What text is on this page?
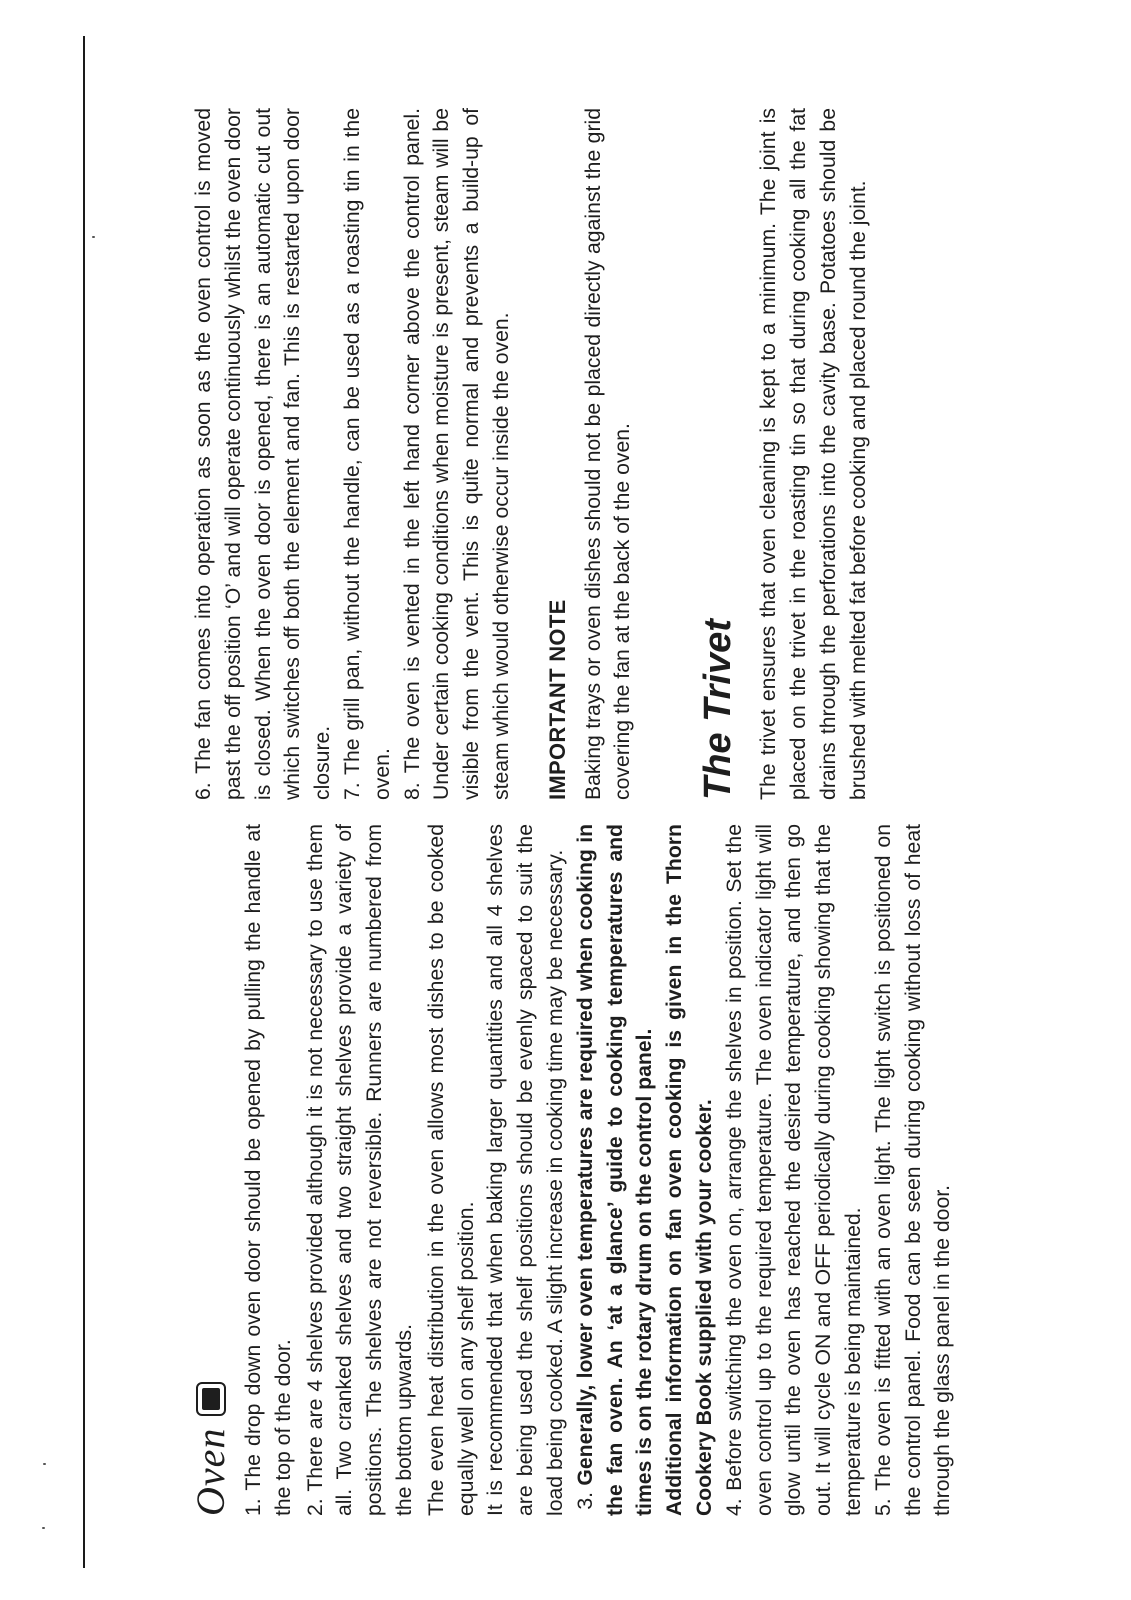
Oven 1. The drop down oven door should be opened by pulling the handle at the top of the door. 2. There are 4 shelves provided although it is not necessary to use them all. Two cranked shelves and two straight shelves provide a variety of positions. The shelves are not reversible. Runners are numbered from the bottom upwards. The even heat distribution in the oven allows most dishes to be cooked equally well on any shelf position. It is recommended that when baking larger quantities and all 4 shelves are being used the shelf positions should be evenly spaced to suit the load being cooked. A slight increase in cooking time may be necessary. 3. Generally, lower oven temperatures are required when cooking in the fan oven. An ‘at a glance’ guide to cooking temperatures and times is on the rotary drum on the control panel. Additional information on fan oven cooking is given in the Thorn Cookery Book supplied with your cooker. 4. Before switching the oven on, arrange the shelves in position. Set the oven control up to the required temperature. The oven indicator light will glow until the oven has reached the desired temperature, and then go out. It will cycle ON and OFF periodically during cooking showing that the temperature is being maintained. 5. The oven is fitted with an oven light. The light switch is positioned on the control panel. Food can be seen during cooking without loss of heat through the glass panel in the door.

6. The fan comes into operation as soon as the oven control is moved past the off position ‘O’ and will operate continuously whilst the oven door is closed. When the oven door is opened, there is an automatic cut out which switches off both the element and fan. This is restarted upon door closure. 7. The grill pan, without the handle, can be used as a roasting tin in the oven. 8. The oven is vented in the left hand corner above the control panel. Under certain cooking conditions when moisture is present, steam will be visible from the vent. This is quite normal and prevents a build-up of steam which would otherwise occur inside the oven. IMPORTANT NOTE Baking trays or oven dishes should not be placed directly against the grid covering the fan at the back of the oven. The Trivet The trivet ensures that oven cleaning is kept to a minimum. The joint is placed on the trivet in the roasting tin so that during cooking all the fat drains through the perforations into the cavity base. Potatoes should be brushed with melted fat before cooking and placed round the joint.
